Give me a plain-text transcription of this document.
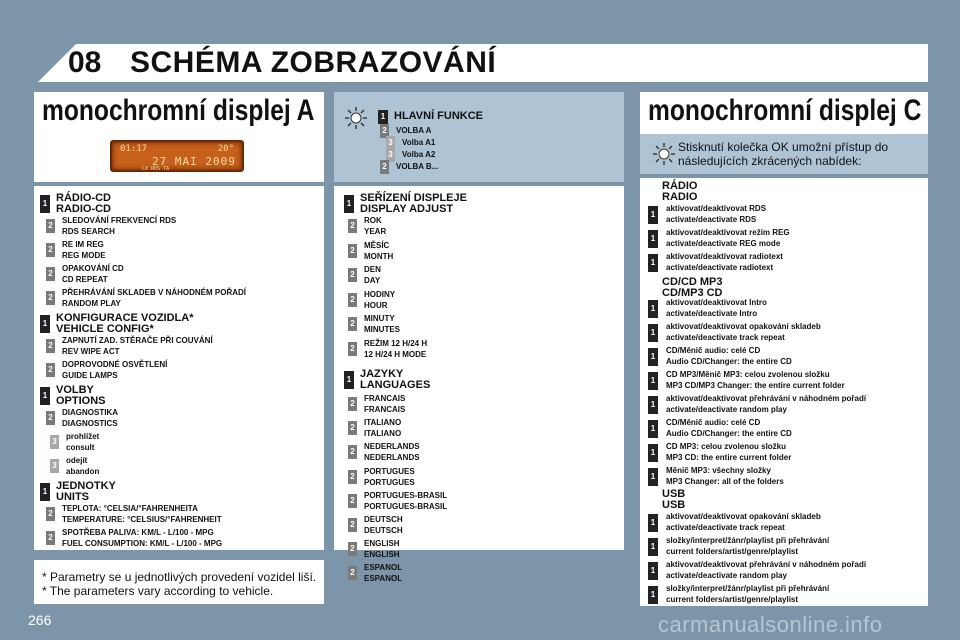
08 SCHÉMA ZOBRAZOVÁNÍ
monochromní displej A
01:17	20°
27 MAI 2009
LX RDS TA
monochromní displej C
Stisknutí kolečka OK umožní přístup do
následujících zkrácených nabídek:
* Parametry se u jednotlivých provedení vozidel liší.
* The parameters vary according to vehicle.
1 RÁDIO-CD
RADIO-CD
2
SLEDOVÁNÍ FREKVENCÍ RDS
RDS SEARCH
2
RE IM REG
REG MODE
2
OPAKOVÁNÍ CD
CD REPEAT
2
PŘEHRÁVÁNÍ SKLADEB V NÁHODNÉM POŘADÍ
RANDOM PLAY
1 KONFIGURACE VOZIDLA*
VEHICLE CONFIG*
2
ZAPNUTÍ ZAD. STĚRAČE PŘI COUVÁNÍ
REV WIPE ACT
2
DOPROVODNÉ OSVĚTLENÍ
GUIDE LAMPS
1 VOLBY
OPTIONS
2
DIAGNOSTIKA
DIAGNOSTICS
3
prohlížet
consult
3
odejít
abandon
1 JEDNOTKY
UNITS
2
TEPLOTA: °CELSIA/°FAHRENHEITA
TEMPERATURE: °CELSIUS/°FAHRENHEIT
2
SPOTŘEBA PALIVA: KM/L - L/100 - MPG
FUEL CONSUMPTION: KM/L - L/100 - MPG
1 SEŘÍZENÍ DISPLEJE
DISPLAY ADJUST
2
ROK
YEAR
2
MĚSÍC
MONTH
2
DEN
DAY
2
HODINY
HOUR
2
MINUTY
MINUTES
2
REŽIM 12 H/24 H
12 H/24 H MODE
1 JAZYKY
LANGUAGES
2
FRANCAIS
FRANCAIS
2
ITALIANO
ITALIANO
2
NEDERLANDS
NEDERLANDS
2
PORTUGUES
PORTUGUES
2
PORTUGUES-BRASIL
PORTUGUES-BRASIL
2
DEUTSCH
DEUTSCH
2
ENGLISH
ENGLISH
2
ESPANOL
ESPANOL
RÁDIO
RADIO
1
aktivovat/deaktivovat RDS
activate/deactivate RDS
1
aktivovat/deaktivovat režim REG
activate/deactivate REG mode
1
aktivovat/deaktivovat radiotext
activate/deactivate radiotext
CD/CD MP3
CD/MP3 CD
1
aktivovat/deaktivovat Intro
activate/deactivate Intro
1
aktivovat/deaktivovat opakování skladeb
activate/deactivate track repeat
1
CD/Měnič audio: celé CD
Audio CD/Changer: the entire CD
1
CD MP3/Měnič MP3: celou zvolenou složku
MP3 CD/MP3 Changer: the entire current folder
1
aktivovat/deaktivovat přehrávání v náhodném pořadí
activate/deactivate random play
1
CD/Měnič audio: celé CD
Audio CD/Changer: the entire CD
1
CD MP3: celou zvolenou složku
MP3 CD: the entire current folder
1
Měnič MP3: všechny složky
MP3 Changer: all of the folders
USB
USB
1
aktivovat/deaktivovat opakování skladeb
activate/deactivate track repeat
1
složky/interpret/žánr/playlist při přehrávání
current folders/artist/genre/playlist
1
aktivovat/deaktivovat přehrávání v náhodném pořadí
activate/deactivate random play
1
složky/interpret/žánr/playlist při přehrávání
current folders/artist/genre/playlist
266	carmanualsonline.info
1 HLAVNÍ FUNKCE
2 VOLBA A
3 Volba A1
3 Volba A2
2 VOLBA B...
